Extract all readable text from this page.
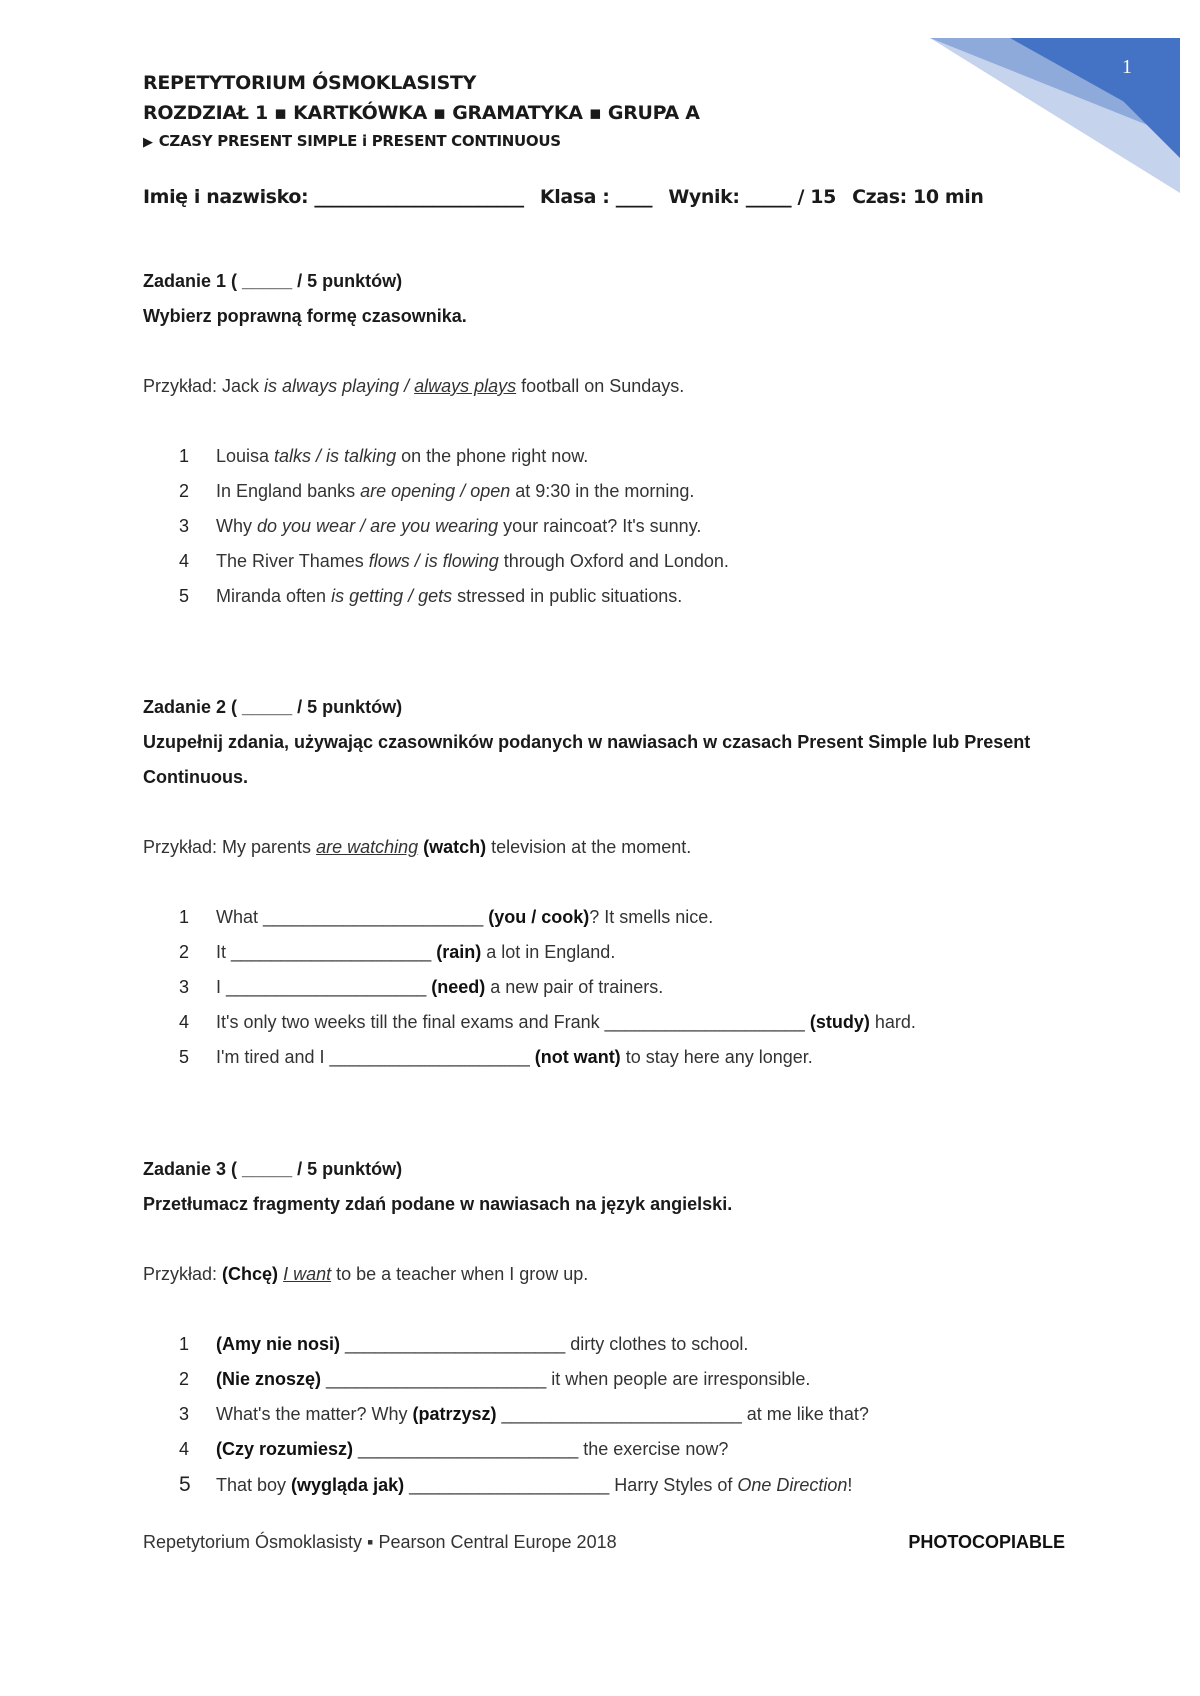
1
REPETYTORIUM ÓSMOKLASISTY
ROZDZIAŁ 1 ▪ KARTKÓWKA ▪ GRAMATYKA ▪ GRUPA A
▶ CZASY PRESENT SIMPLE i PRESENT CONTINUOUS
Imię i nazwisko: _______________________ Klasa : ____ Wynik: _____ / 15 Czas: 10 min
Zadanie 1 ( _____ / 5 punktów)
Wybierz poprawną formę czasownika.
Przykład: Jack is always playing / always plays football on Sundays.
1 Louisa talks / is talking on the phone right now.
2 In England banks are opening / open at 9:30 in the morning.
3 Why do you wear / are you wearing your raincoat? It's sunny.
4 The River Thames flows / is flowing through Oxford and London.
5 Miranda often is getting / gets stressed in public situations.
Zadanie 2 ( _____ / 5 punktów)
Uzupełnij zdania, używając czasowników podanych w nawiasach w czasach Present Simple lub Present Continuous.
Przykład: My parents are watching (watch) television at the moment.
1 What ______________________ (you / cook)? It smells nice.
2 It ____________________ (rain) a lot in England.
3 I ____________________ (need) a new pair of trainers.
4 It's only two weeks till the final exams and Frank ____________________ (study) hard.
5 I'm tired and I ____________________ (not want) to stay here any longer.
Zadanie 3 ( _____ / 5 punktów)
Przetłumacz fragmenty zdań podane w nawiasach na język angielski.
Przykład: (Chcę) I want to be a teacher when I grow up.
1 (Amy nie nosi) ______________________ dirty clothes to school.
2 (Nie znoszę) ______________________ it when people are irresponsible.
3 What's the matter? Why (patrzysz) ________________________ at me like that?
4 (Czy rozumiesz) ______________________ the exercise now?
5 That boy (wygląda jak) ____________________ Harry Styles of One Direction!
Repetytorium Ósmoklasisty ▪ Pearson Central Europe 2018	PHOTOCOPIABLE
